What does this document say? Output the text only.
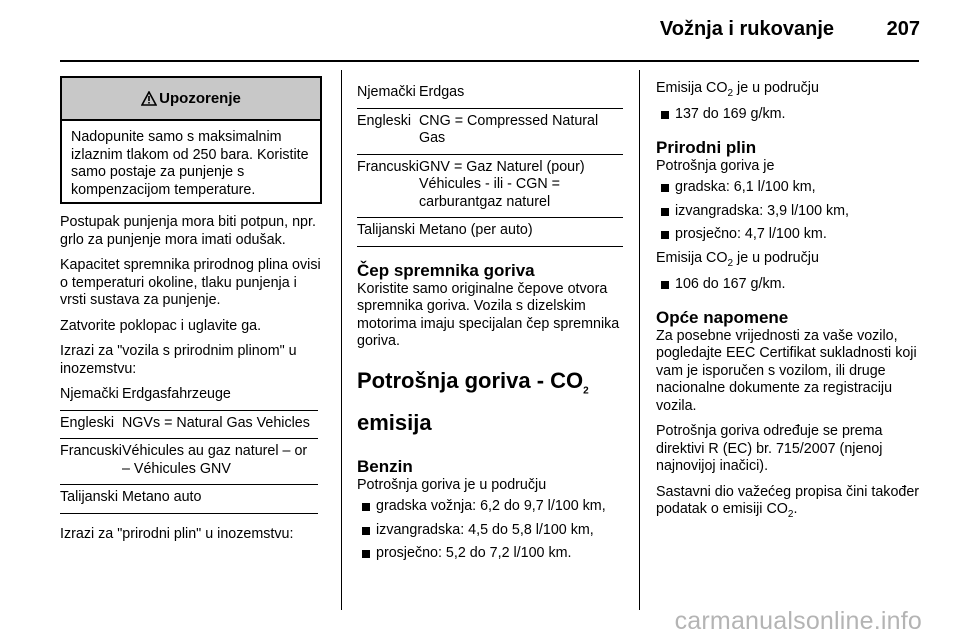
Vožnja i rukovanje	207
Upozorenje
Nadopunite samo s maksimalnim izlaznim tlakom od 250 bara. Koristite samo postaje za punjenje s kompenzacijom temperature.

Postupak punjenja mora biti potpun, npr. grlo za punjenje mora imati odušak.

Kapacitet spremnika prirodnog plina ovisi o temperaturi okoline, tlaku punjenja i vrsti sustava za punjenje.

Zatvorite poklopac i uglavite ga.

Izrazi za "vozila s prirodnim plinom" u inozemstvu:

Njemački	Erdgasfahrzeuge

Engleski	NGVs = Natural Gas Vehicles

Francuski	Véhicules au gaz naturel – or – Véhicules GNV

Talijanski	Metano auto

Izrazi za "prirodni plin" u inozemstvu:

Njemački	Erdgas

Engleski	CNG = Compressed Natural Gas

Francuski	GNV = Gaz Naturel (pour) Véhicules - ili - CGN = carburantgaz naturel

Talijanski	Metano (per auto)

Čep spremnika goriva

Koristite samo originalne čepove otvora spremnika goriva. Vozila s dizelskim motorima imaju specijalan čep spremnika goriva.

Potrošnja goriva - $CO_2$
emisija
Benzin

Potrošnja goriva je u području

gradska vožnja: 6,2 do 9,7 l/100 km,
izvangradska: 4,5 do 5,8 l/100 km,
prosječno: 5,2 do 7,2 l/100 km.

Emisija $CO_2$ je u području

137 do 169 g/km.
Prirodni plin

Potrošnja goriva je

gradska: 6,1 l/100 km,
izvangradska: 3,9 l/100 km,
prosječno: 4,7 l/100 km.

Emisija $CO_2$ je u području

106 do 167 g/km.
Opće napomene

Za posebne vrijednosti za vaše vozilo, pogledajte EEC Certifikat sukladnosti koji vam je isporučen s vozilom, ili druge nacionalne dokumente za registraciju vozila.

Potrošnja goriva određuje se prema direktivi R (EC) br. 715/2007 (njenoj najnovijoj inačici).

Sastavni dio važećeg propisa čini također podatak o emisiji $CO_2$.

carmanualsonline.info
